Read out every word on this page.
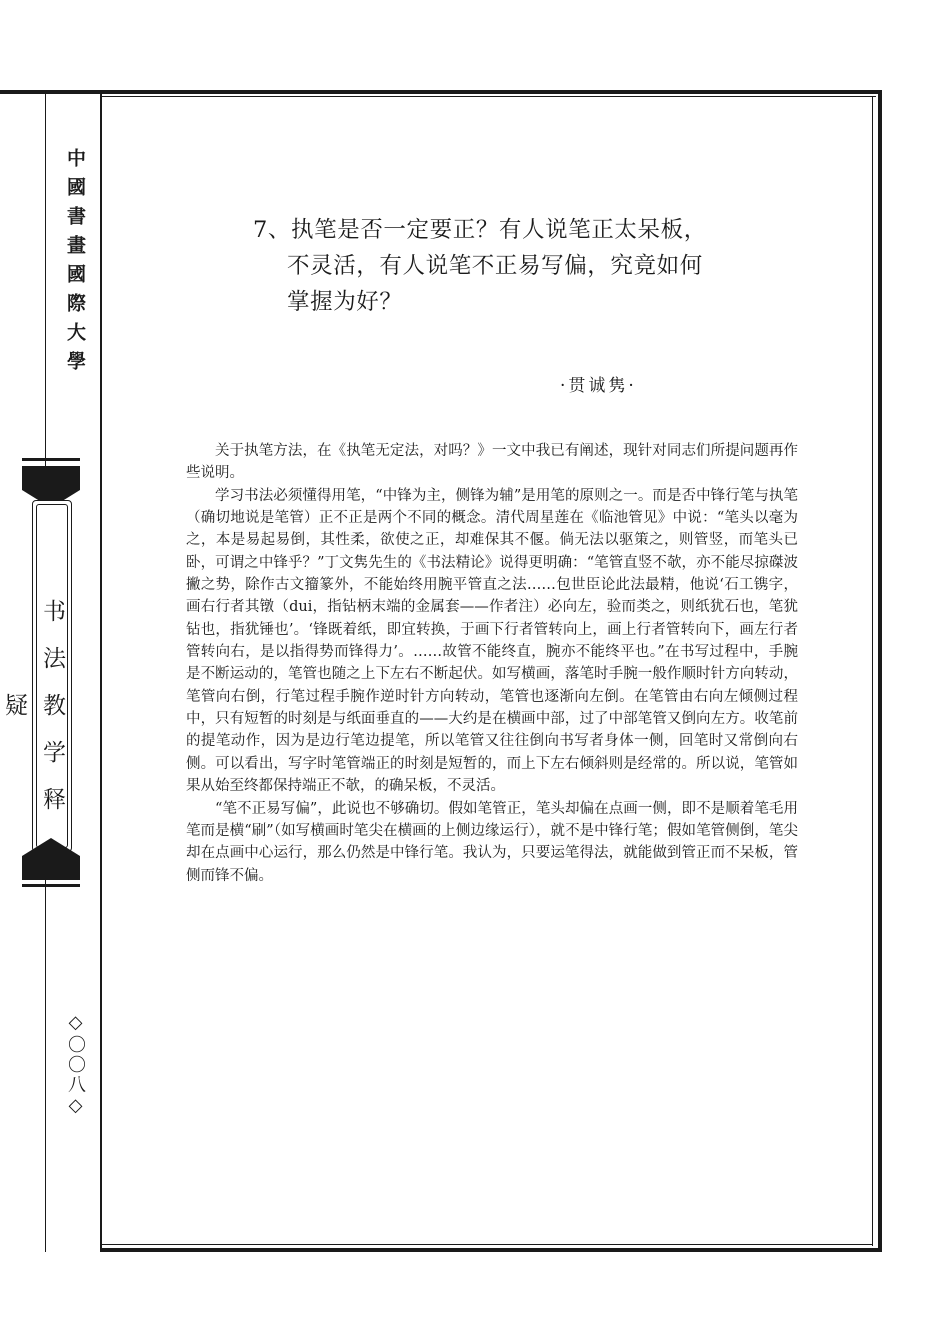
中國書畫國際大學
书法教学释疑
◇〇〇八◇
7、执笔是否一定要正？有人说笔正太呆板，
不灵活，有人说笔不正易写偏，究竟如何
掌握为好？
·贯诚隽·

关于执笔方法，在《执笔无定法，对吗？》一文中我已有阐述，现针对同志们所提问题再作些说明。

学习书法必须懂得用笔，“中锋为主，侧锋为辅”是用笔的原则之一。而是否中锋行笔与执笔（确切地说是笔管）正不正是两个不同的概念。清代周星莲在《临池管见》中说：“笔头以毫为之，本是易起易倒，其性柔，欲使之正，却难保其不偃。倘无法以驱策之，则管竖，而笔头已卧，可谓之中锋乎？”丁文隽先生的《书法精论》说得更明确：“笔管直竖不欹，亦不能尽掠磔波撇之势，除作古文籀篆外，不能始终用腕平管直之法……包世臣论此法最精，他说‘石工镌字，画右行者其镦（dui，指钻柄末端的金属套——作者注）必向左，验而类之，则纸犹石也，笔犹钻也，指犹锤也’。‘锋既着纸，即宜转换，于画下行者管转向上，画上行者管转向下，画左行者管转向右，是以指得势而锋得力’。……故管不能终直，腕亦不能终平也。”在书写过程中，手腕是不断运动的，笔管也随之上下左右不断起伏。如写横画，落笔时手腕一般作顺时针方向转动，笔管向右倒，行笔过程手腕作逆时针方向转动，笔管也逐渐向左倒。在笔管由右向左倾侧过程中，只有短暂的时刻是与纸面垂直的——大约是在横画中部，过了中部笔管又倒向左方。收笔前的提笔动作，因为是边行笔边提笔，所以笔管又往往倒向书写者身体一侧，回笔时又常倒向右侧。可以看出，写字时笔管端正的时刻是短暂的，而上下左右倾斜则是经常的。所以说，笔管如果从始至终都保持端正不欹，的确呆板，不灵活。

“笔不正易写偏”，此说也不够确切。假如笔管正，笔头却偏在点画一侧，即不是顺着笔毛用笔而是横“刷”（如写横画时笔尖在横画的上侧边缘运行），就不是中锋行笔；假如笔管侧倒，笔尖却在点画中心运行，那么仍然是中锋行笔。我认为，只要运笔得法，就能做到管正而不呆板，管侧而锋不偏。
